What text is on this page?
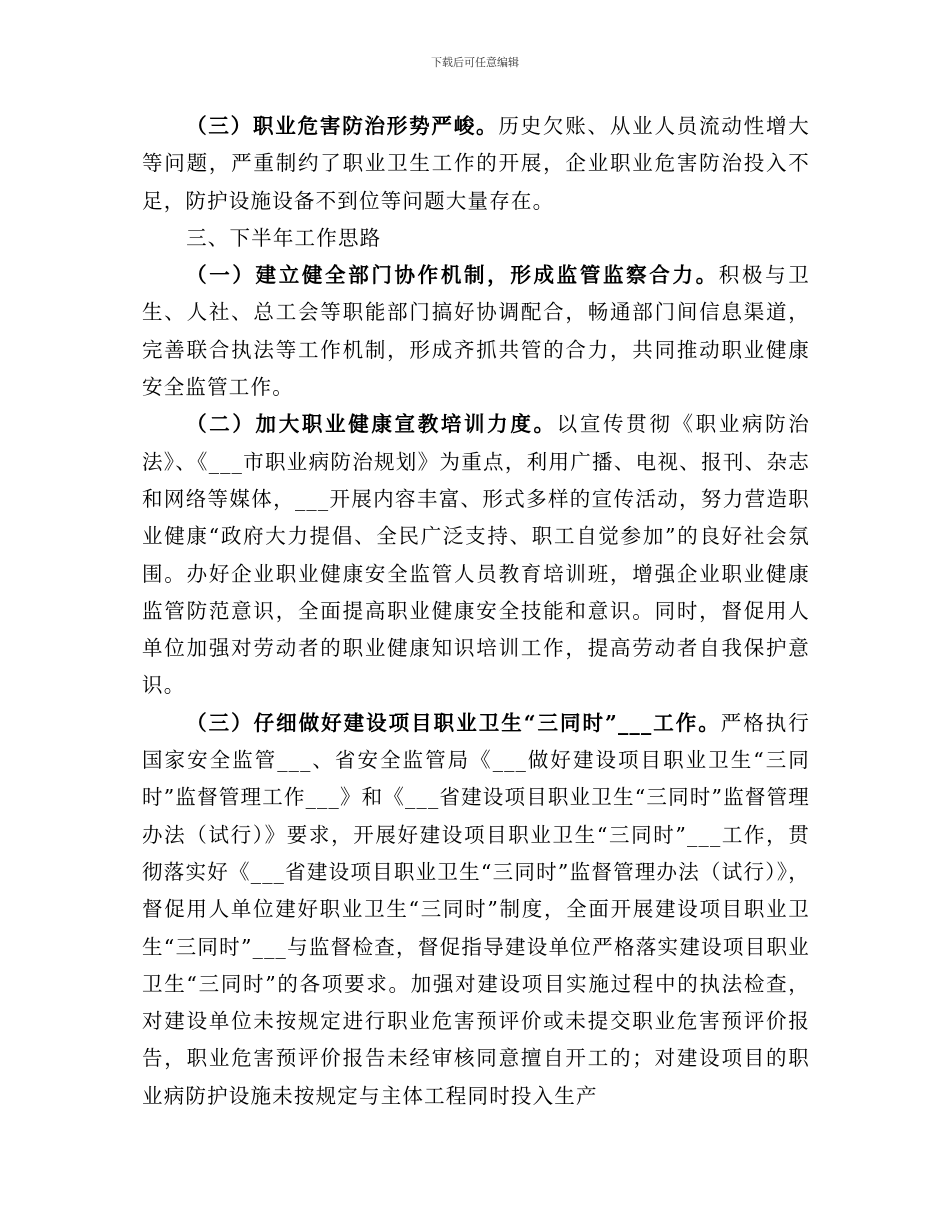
下载后可任意编辑

（三）职业危害防治形势严峻。历史欠账、从业人员流动性增大等问题，严重制约了职业卫生工作的开展，企业职业危害防治投入不足，防护设施设备不到位等问题大量存在。

三、下半年工作思路

（一）建立健全部门协作机制，形成监管监察合力。积极与卫生、人社、总工会等职能部门搞好协调配合，畅通部门间信息渠道，完善联合执法等工作机制，形成齐抓共管的合力，共同推动职业健康安全监管工作。

（二）加大职业健康宣教培训力度。以宣传贯彻《职业病防治法》、《___市职业病防治规划》为重点，利用广播、电视、报刊、杂志和网络等媒体，___开展内容丰富、形式多样的宣传活动，努力营造职业健康“政府大力提倡、全民广泛支持、职工自觉参加”的良好社会氛围。办好企业职业健康安全监管人员教育培训班，增强企业职业健康监管防范意识，全面提高职业健康安全技能和意识。同时，督促用人单位加强对劳动者的职业健康知识培训工作，提高劳动者自我保护意识。

（三）仔细做好建设项目职业卫生“三同时”___工作。严格执行国家安全监管___、省安全监管局《___做好建设项目职业卫生“三同时”监督管理工作___》和《___省建设项目职业卫生“三同时”监督管理办法（试行）》要求，开展好建设项目职业卫生“三同时”___工作，贯彻落实好《___省建设项目职业卫生“三同时”监督管理办法（试行）》，督促用人单位建好职业卫生“三同时”制度，全面开展建设项目职业卫生“三同时”___与监督检查，督促指导建设单位严格落实建设项目职业卫生“三同时”的各项要求。加强对建设项目实施过程中的执法检查，对建设单位未按规定进行职业危害预评价或未提交职业危害预评价报告，职业危害预评价报告未经审核同意擅自开工的；对建设项目的职业病防护设施未按规定与主体工程同时投入生产
